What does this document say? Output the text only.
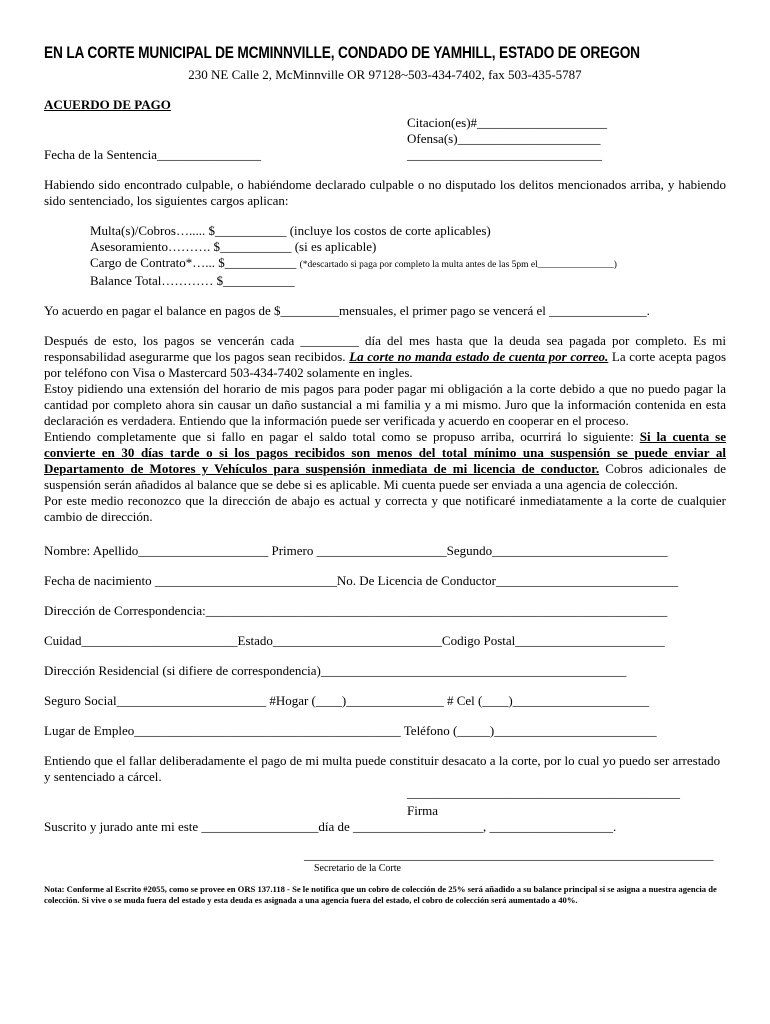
EN LA CORTE MUNICIPAL DE MCMINNVILLE, CONDADO DE YAMHILL, ESTADO DE OREGON
230 NE Calle 2, McMinnville OR 97128~503-434-7402, fax 503-435-5787
ACUERDO DE PAGO
Citacion(es)#____________________
Ofensa(s)______________________
Fecha de la Sentencia________________	______________________________

Habiendo sido encontrado culpable, o habiéndome declarado culpable o no disputado los delitos mencionados arriba, y habiendo sido sentenciado, los siguientes cargos aplican:

Multa(s)/Cobros…..... $___________ (incluye los costos de corte aplicables)
Asesoramiento………. $___________ (si es aplicable)
Cargo de Contrato*…... $___________ (*descartado si paga por completo la multa antes de las 5pm el________________)
Balance Total………… $___________

Yo acuerdo en pagar el balance en pagos de $_________mensuales, el primer pago se vencerá el _______________.

Después de esto, los pagos se vencerán cada _________ día del mes hasta que la deuda sea pagada por completo. Es mi responsabilidad asegurarme que los pagos sean recibidos. La corte no manda estado de cuenta por correo. La corte acepta pagos por teléfono con Visa o Mastercard 503-434-7402 solamente en ingles.

Estoy pidiendo una extensión del horario de mis pagos para poder pagar mi obligación a la corte debido a que no puedo pagar la cantidad por completo ahora sin causar un daño sustancial a mi familia y a mi mismo. Juro que la información contenida en esta declaración es verdadera. Entiendo que la información puede ser verificada y acuerdo en cooperar en el proceso.

Entiendo completamente que si fallo en pagar el saldo total como se propuso arriba, ocurrirá lo siguiente: Si la cuenta se convierte en 30 días tarde o si los pagos recibidos son menos del total mínimo una suspensión se puede enviar al Departamento de Motores y Vehículos para suspensión inmediata de mi licencia de conductor. Cobros adicionales de suspensión serán añadidos al balance que se debe si es aplicable. Mi cuenta puede ser enviada a una agencia de colección.

Por este medio reconozco que la dirección de abajo es actual y correcta y que notificaré inmediatamente a la corte de cualquier cambio de dirección.

Nombre: Apellido____________________ Primero ____________________Segundo___________________________
Fecha de nacimiento ____________________________No. De Licencia de Conductor____________________________
Dirección de Correspondencia:_______________________________________________________________________
Cuidad________________________Estado__________________________Codigo Postal_______________________
Dirección Residencial (si difiere de correspondencia)_______________________________________________
Seguro Social_______________________ #Hogar (____)_______________ # Cel (____)_____________________
Lugar de Empleo_________________________________________ Teléfono (_____)_________________________

Entiendo que el fallar deliberadamente el pago de mi multa puede constituir desacato a la corte, por lo cual yo puedo ser arrestado y sentenciado a cárcel.

__________________________________________
Firma

Suscrito y jurado ante mi este __________________día de ____________________, ___________________.

_______________________________________________________________
Secretario de la Corte
Nota: Conforme al Escrito #2055, como se provee en ORS 137.118 - Se le notifica que un cobro de colección de 25% será añadido a su balance principal si se asigna a nuestra agencia de colección. Si vive o se muda fuera del estado y esta deuda es asignada a una agencia fuera del estado, el cobro de colección será aumentado a 40%.
